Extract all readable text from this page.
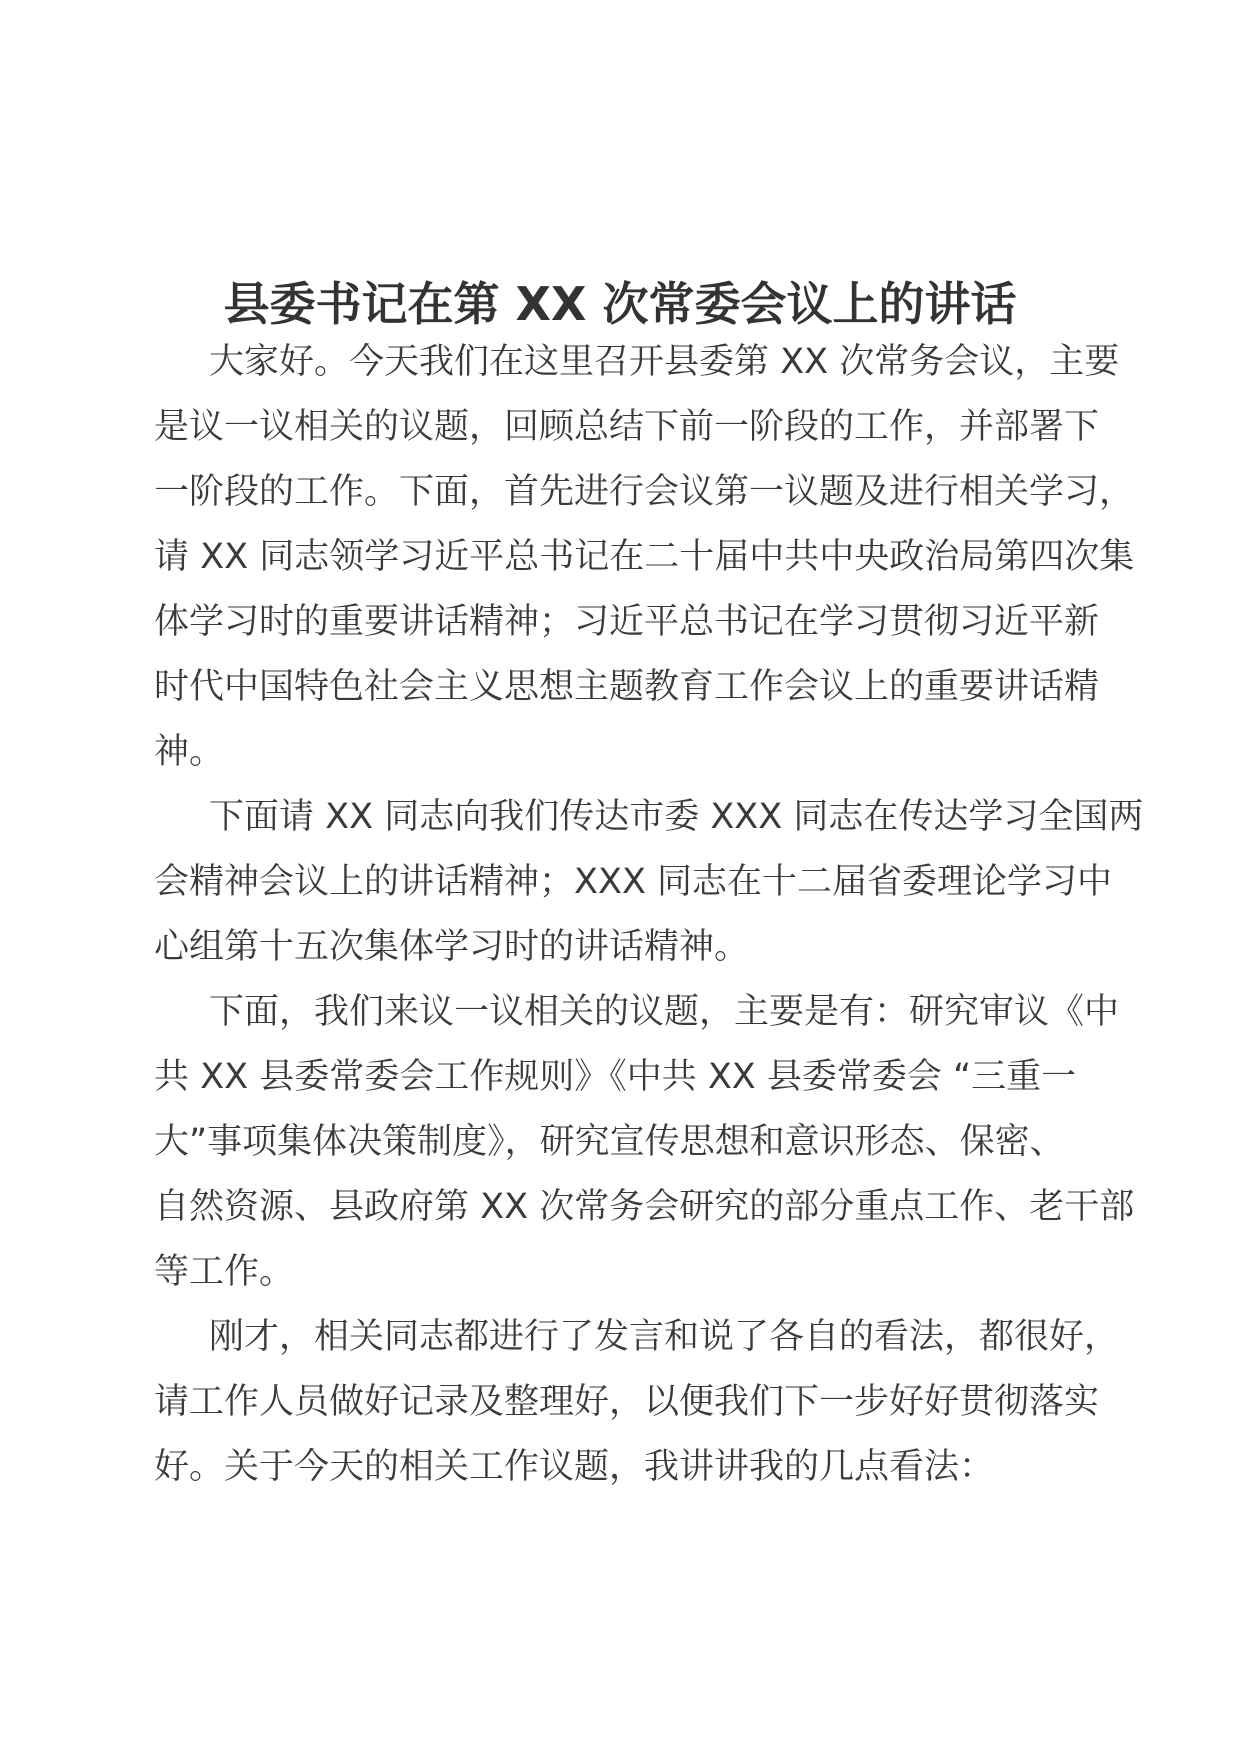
县委书记在第 XX 次常委会议上的讲话

大家好。今天我们在这里召开县委第 XX 次常务会议，主要
是议一议相关的议题，回顾总结下前一阶段的工作，并部署下
一阶段的工作。下面，首先进行会议第一议题及进行相关学习，
请 XX 同志领学习近平总书记在二十届中共中央政治局第四次集
体学习时的重要讲话精神；习近平总书记在学习贯彻习近平新
时代中国特色社会主义思想主题教育工作会议上的重要讲话精
神。

下面请 XX 同志向我们传达市委 XXX 同志在传达学习全国两
会精神会议上的讲话精神；XXX 同志在十二届省委理论学习中
心组第十五次集体学习时的讲话精神。

下面，我们来议一议相关的议题，主要是有：研究审议《中
共 XX 县委常委会工作规则》《中共 XX 县委常委会 “三重一
大”事项集体决策制度》，研究宣传思想和意识形态、保密、
自然资源、县政府第 XX 次常务会研究的部分重点工作、老干部
等工作。

刚才，相关同志都进行了发言和说了各自的看法，都很好，
请工作人员做好记录及整理好，以便我们下一步好好贯彻落实
好。关于今天的相关工作议题，我讲讲我的几点看法：
